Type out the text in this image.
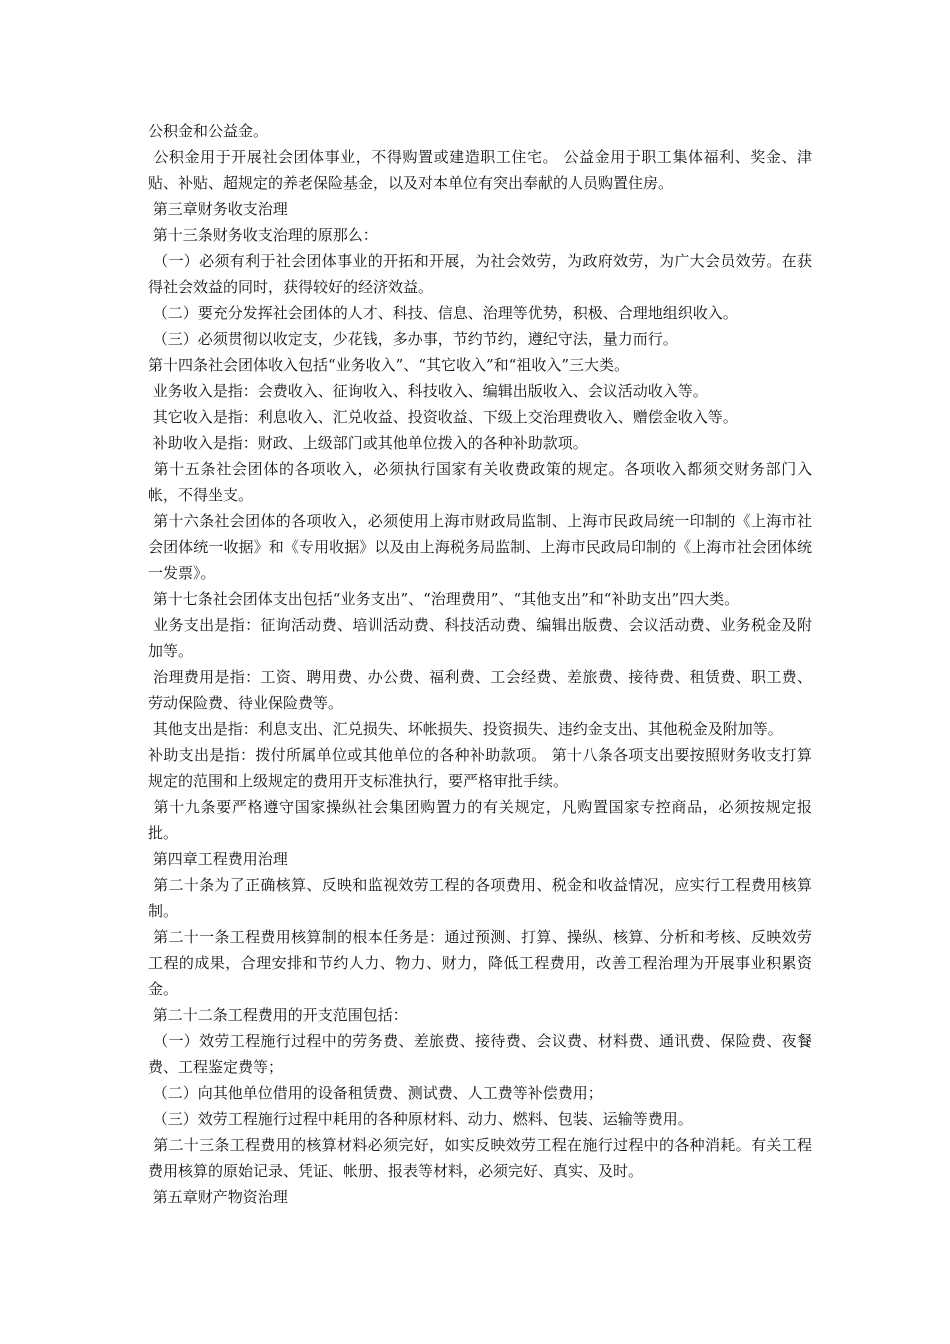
公积金和公益金。

公积金用于开展社会团体事业，不得购置或建造职工住宅。 公益金用于职工集体福利、奖金、津贴、补贴、超规定的养老保险基金，以及对本单位有突出奉献的人员购置住房。

第三章财务收支治理

第十三条财务收支治理的原那么：

（一）必须有利于社会团体事业的开拓和开展，为社会效劳，为政府效劳，为广大会员效劳。在获得社会效益的同时，获得较好的经济效益。

（二）要充分发挥社会团体的人才、科技、信息、治理等优势，积极、合理地组织收入。

（三）必须贯彻以收定支，少花钱，多办事，节约节约，遵纪守法，量力而行。

第十四条社会团体收入包括“业务收入”、“其它收入”和“祖收入”三大类。

业务收入是指：会费收入、征询收入、科技收入、编辑出版收入、会议活动收入等。

其它收入是指：利息收入、汇兑收益、投资收益、下级上交治理费收入、赠偿金收入等。

补助收入是指：财政、上级部门或其他单位拨入的各种补助款项。

第十五条社会团体的各项收入，必须执行国家有关收费政策的规定。各项收入都须交财务部门入帐，不得坐支。

第十六条社会团体的各项收入，必须使用上海市财政局监制、上海市民政局统一印制的《上海市社会团体统一收据》和《专用收据》以及由上海税务局监制、上海市民政局印制的《上海市社会团体统一发票》。

第十七条社会团体支出包括“业务支出”、“治理费用”、“其他支出”和“补助支出”四大类。

业务支出是指：征询活动费、培训活动费、科技活动费、编辑出版费、会议活动费、业务税金及附加等。

治理费用是指：工资、聘用费、办公费、福利费、工会经费、差旅费、接待费、租赁费、职工费、劳动保险费、待业保险费等。

其他支出是指：利息支出、汇兑损失、坏帐损失、投资损失、违约金支出、其他税金及附加等。

补助支出是指：拨付所属单位或其他单位的各种补助款项。 第十八条各项支出要按照财务收支打算规定的范围和上级规定的费用开支标准执行，要严格审批手续。

第十九条要严格遵守国家操纵社会集团购置力的有关规定，凡购置国家专控商品，必须按规定报批。

第四章工程费用治理

第二十条为了正确核算、反映和监视效劳工程的各项费用、税金和收益情况，应实行工程费用核算制。

第二十一条工程费用核算制的根本任务是：通过预测、打算、操纵、核算、分析和考核、反映效劳工程的成果，合理安排和节约人力、物力、财力，降低工程费用，改善工程治理为开展事业积累资金。

第二十二条工程费用的开支范围包括：

（一）效劳工程施行过程中的劳务费、差旅费、接待费、会议费、材料费、通讯费、保险费、夜餐费、工程鉴定费等；

（二）向其他单位借用的设备租赁费、测试费、人工费等补偿费用；

（三）效劳工程施行过程中耗用的各种原材料、动力、燃料、包装、运输等费用。

第二十三条工程费用的核算材料必须完好，如实反映效劳工程在施行过程中的各种消耗。有关工程费用核算的原始记录、凭证、帐册、报表等材料，必须完好、真实、及时。

第五章财产物资治理
